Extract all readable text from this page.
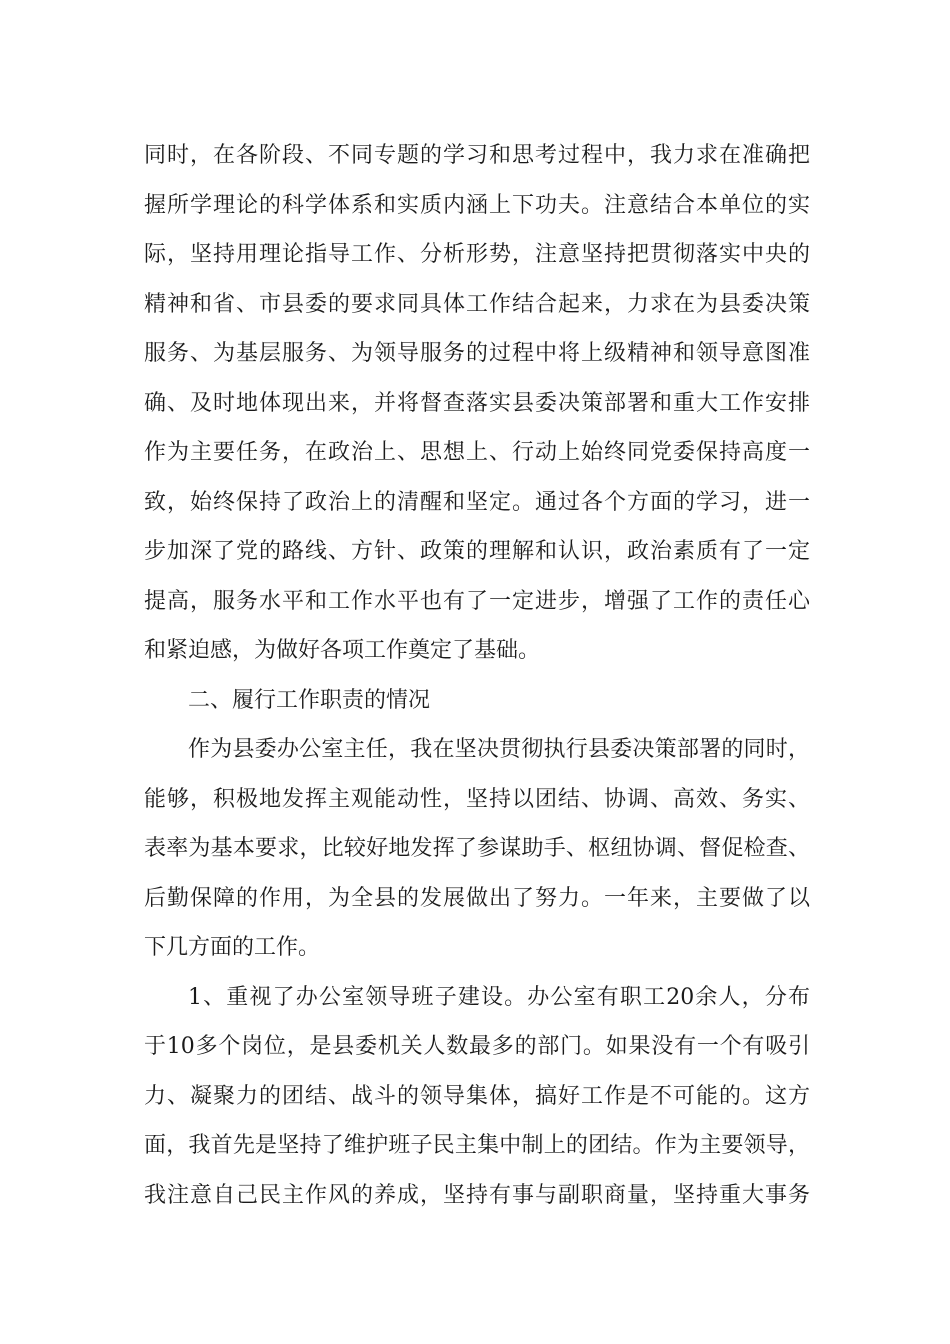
同时，在各阶段、不同专题的学习和思考过程中，我力求在准确把
握所学理论的科学体系和实质内涵上下功夫。注意结合本单位的实
际，坚持用理论指导工作、分析形势，注意坚持把贯彻落实中央的
精神和省、市县委的要求同具体工作结合起来，力求在为县委决策
服务、为基层服务、为领导服务的过程中将上级精神和领导意图准
确、及时地体现出来，并将督查落实县委决策部署和重大工作安排
作为主要任务，在政治上、思想上、行动上始终同党委保持高度一
致，始终保持了政治上的清醒和坚定。通过各个方面的学习，进一
步加深了党的路线、方针、政策的理解和认识，政治素质有了一定
提高，服务水平和工作水平也有了一定进步，增强了工作的责任心
和紧迫感，为做好各项工作奠定了基础。
二、履行工作职责的情况
作为县委办公室主任，我在坚决贯彻执行县委决策部署的同时，
能够，积极地发挥主观能动性，坚持以团结、协调、高效、务实、
表率为基本要求，比较好地发挥了参谋助手、枢纽协调、督促检查、
后勤保障的作用，为全县的发展做出了努力。一年来，主要做了以
下几方面的工作。
1、重视了办公室领导班子建设。办公室有职工20余人，分布
于10多个岗位，是县委机关人数最多的部门。如果没有一个有吸引
力、凝聚力的团结、战斗的领导集体，搞好工作是不可能的。这方
面，我首先是坚持了维护班子民主集中制上的团结。作为主要领导，
我注意自己民主作风的养成，坚持有事与副职商量，坚持重大事务
